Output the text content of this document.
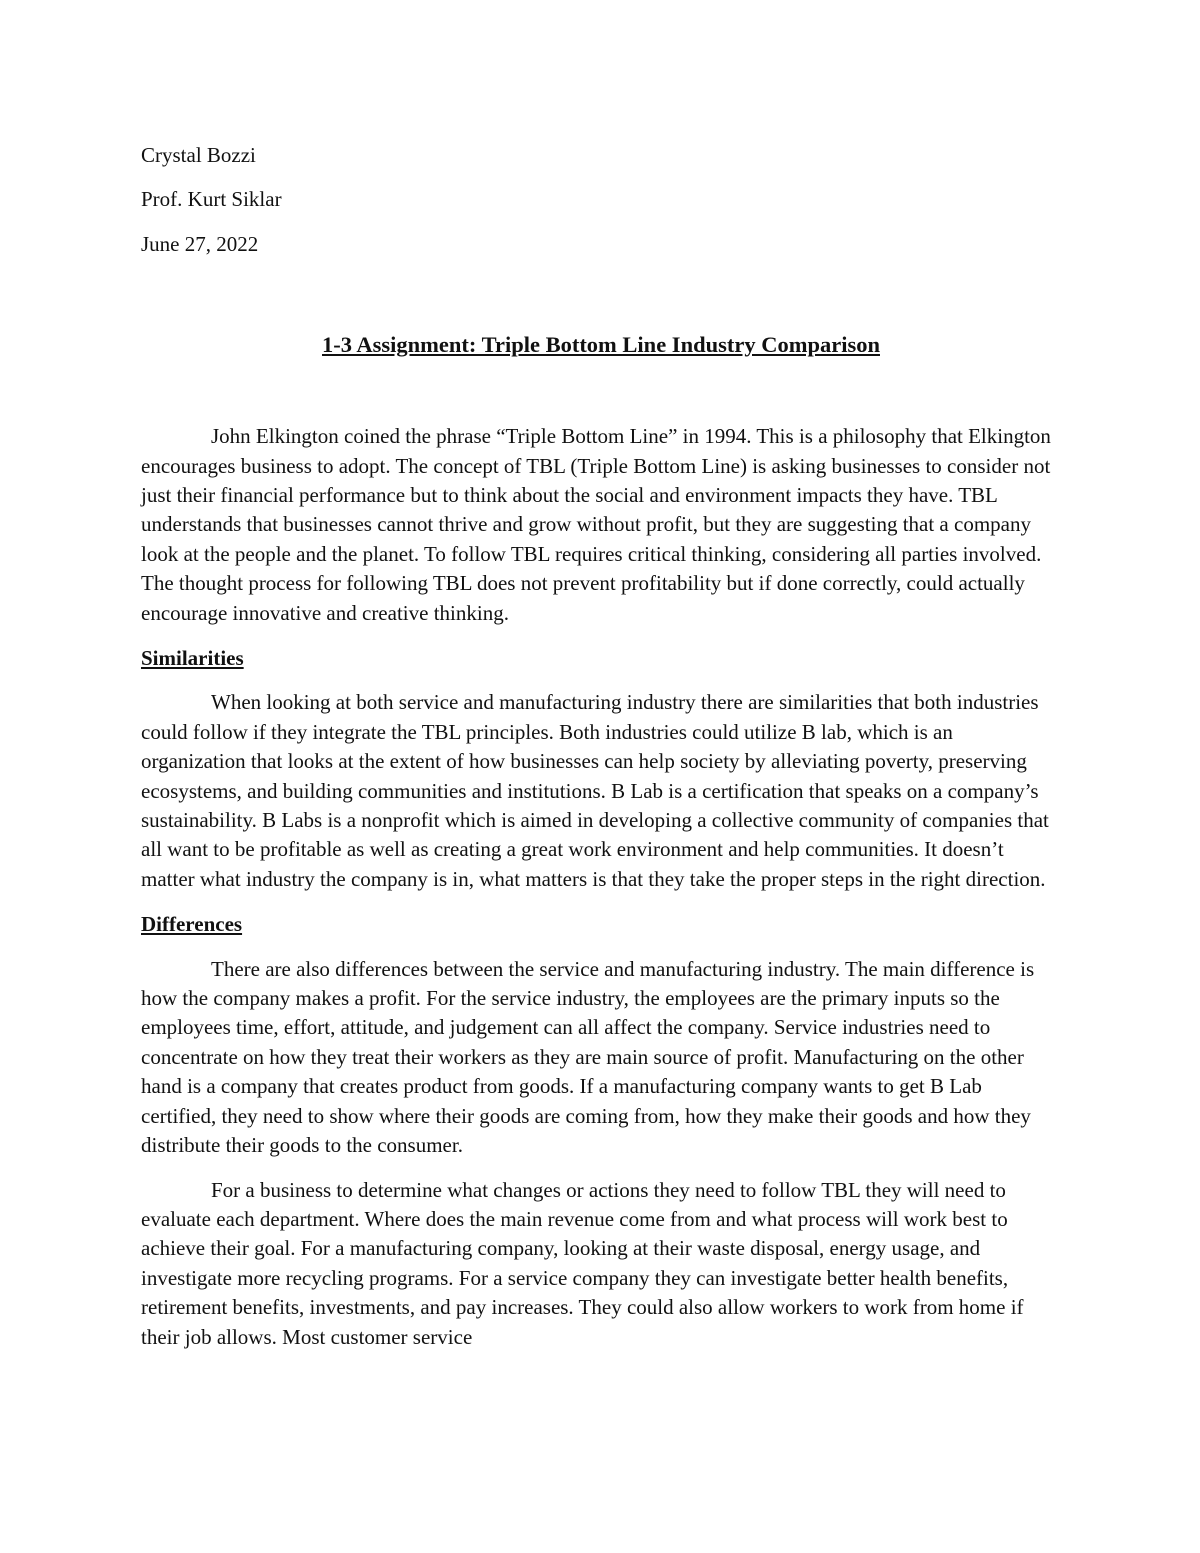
Crystal Bozzi
Prof. Kurt Siklar
June 27, 2022
1-3 Assignment: Triple Bottom Line Industry Comparison

John Elkington coined the phrase “Triple Bottom Line” in 1994. This is a philosophy that Elkington encourages business to adopt. The concept of TBL (Triple Bottom Line) is asking businesses to consider not just their financial performance but to think about the social and environment impacts they have. TBL understands that businesses cannot thrive and grow without profit, but they are suggesting that a company look at the people and the planet. To follow TBL requires critical thinking, considering all parties involved. The thought process for following TBL does not prevent profitability but if done correctly, could actually encourage innovative and creative thinking.

Similarities

When looking at both service and manufacturing industry there are similarities that both industries could follow if they integrate the TBL principles. Both industries could utilize B lab, which is an organization that looks at the extent of how businesses can help society by alleviating poverty, preserving ecosystems, and building communities and institutions. B Lab is a certification that speaks on a company’s sustainability. B Labs is a nonprofit which is aimed in developing a collective community of companies that all want to be profitable as well as creating a great work environment and help communities. It doesn’t matter what industry the company is in, what matters is that they take the proper steps in the right direction.

Differences

There are also differences between the service and manufacturing industry. The main difference is how the company makes a profit. For the service industry, the employees are the primary inputs so the employees time, effort, attitude, and judgement can all affect the company. Service industries need to concentrate on how they treat their workers as they are main source of profit. Manufacturing on the other hand is a company that creates product from goods. If a manufacturing company wants to get B Lab certified, they need to show where their goods are coming from, how they make their goods and how they distribute their goods to the consumer.

For a business to determine what changes or actions they need to follow TBL they will need to evaluate each department. Where does the main revenue come from and what process will work best to achieve their goal. For a manufacturing company, looking at their waste disposal, energy usage, and investigate more recycling programs. For a service company they can investigate better health benefits, retirement benefits, investments, and pay increases. They could also allow workers to work from home if their job allows. Most customer service
